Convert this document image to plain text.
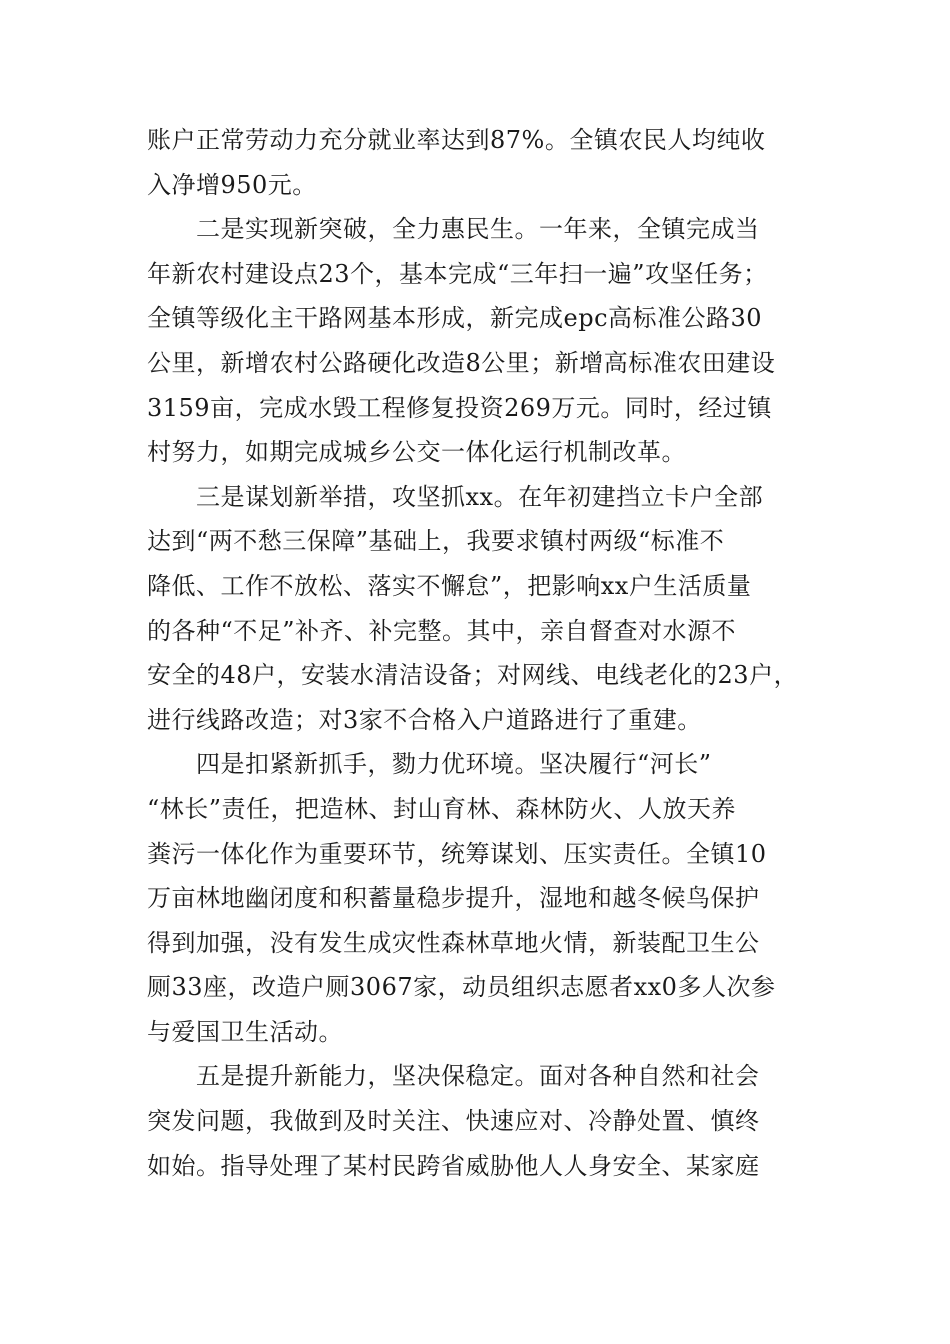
账户正常劳动力充分就业率达到87%。全镇农民人均纯收
入净增950元。

　　二是实现新突破，全力惠民生。一年来，全镇完成当
年新农村建设点23个，基本完成“三年扫一遍”攻坚任务；
全镇等级化主干路网基本形成，新完成epc高标准公路30
公里，新增农村公路硬化改造8公里；新增高标准农田建设
3159亩，完成水毁工程修复投资269万元。同时，经过镇
村努力，如期完成城乡公交一体化运行机制改革。

　　三是谋划新举措，攻坚抓xx。在年初建挡立卡户全部
达到“两不愁三保障”基础上，我要求镇村两级“标准不
降低、工作不放松、落实不懈怠”，把影响xx户生活质量
的各种“不足”补齐、补完整。其中，亲自督查对水源不
安全的48户，安装水清洁设备；对网线、电线老化的23户，
进行线路改造；对3家不合格入户道路进行了重建。

　　四是扣紧新抓手，勠力优环境。坚决履行“河长”
“林长”责任，把造林、封山育林、森林防火、人放天养
粪污一体化作为重要环节，统筹谋划、压实责任。全镇10
万亩林地幽闭度和积蓄量稳步提升，湿地和越冬候鸟保护
得到加强，没有发生成灾性森林草地火情，新装配卫生公
厕33座，改造户厕3067家，动员组织志愿者xx0多人次参
与爱国卫生活动。

　　五是提升新能力，坚决保稳定。面对各种自然和社会
突发问题，我做到及时关注、快速应对、冷静处置、慎终
如始。指导处理了某村民跨省威胁他人人身安全、某家庭
